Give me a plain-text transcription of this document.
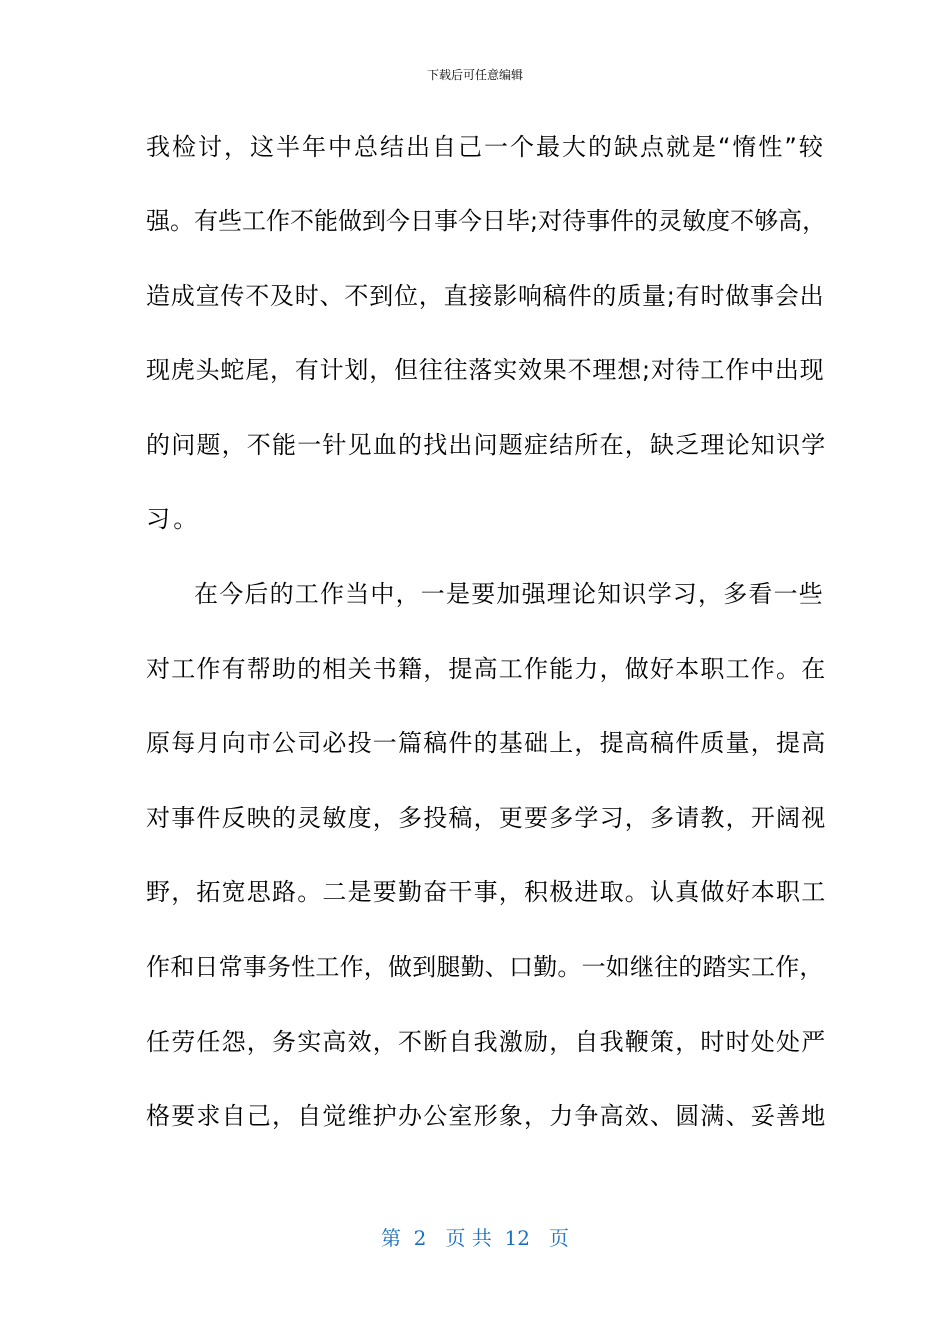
下载后可任意编辑
我检讨，这半年中总结出自己一个最大的缺点就是“惰性”较
强。有些工作不能做到今日事今日毕;对待事件的灵敏度不够高，
造成宣传不及时、不到位，直接影响稿件的质量;有时做事会出
现虎头蛇尾，有计划，但往往落实效果不理想;对待工作中出现
的问题，不能一针见血的找出问题症结所在，缺乏理论知识学
习。
在今后的工作当中，一是要加强理论知识学习，多看一些
对工作有帮助的相关书籍，提高工作能力，做好本职工作。在
原每月向市公司必投一篇稿件的基础上，提高稿件质量，提高
对事件反映的灵敏度，多投稿，更要多学习，多请教，开阔视
野，拓宽思路。二是要勤奋干事，积极进取。认真做好本职工
作和日常事务性工作，做到腿勤、口勤。一如继往的踏实工作，
任劳任怨，务实高效，不断自我激励，自我鞭策，时时处处严
格要求自己，自觉维护办公室形象，力争高效、圆满、妥善地
第  2   页 共  12   页
